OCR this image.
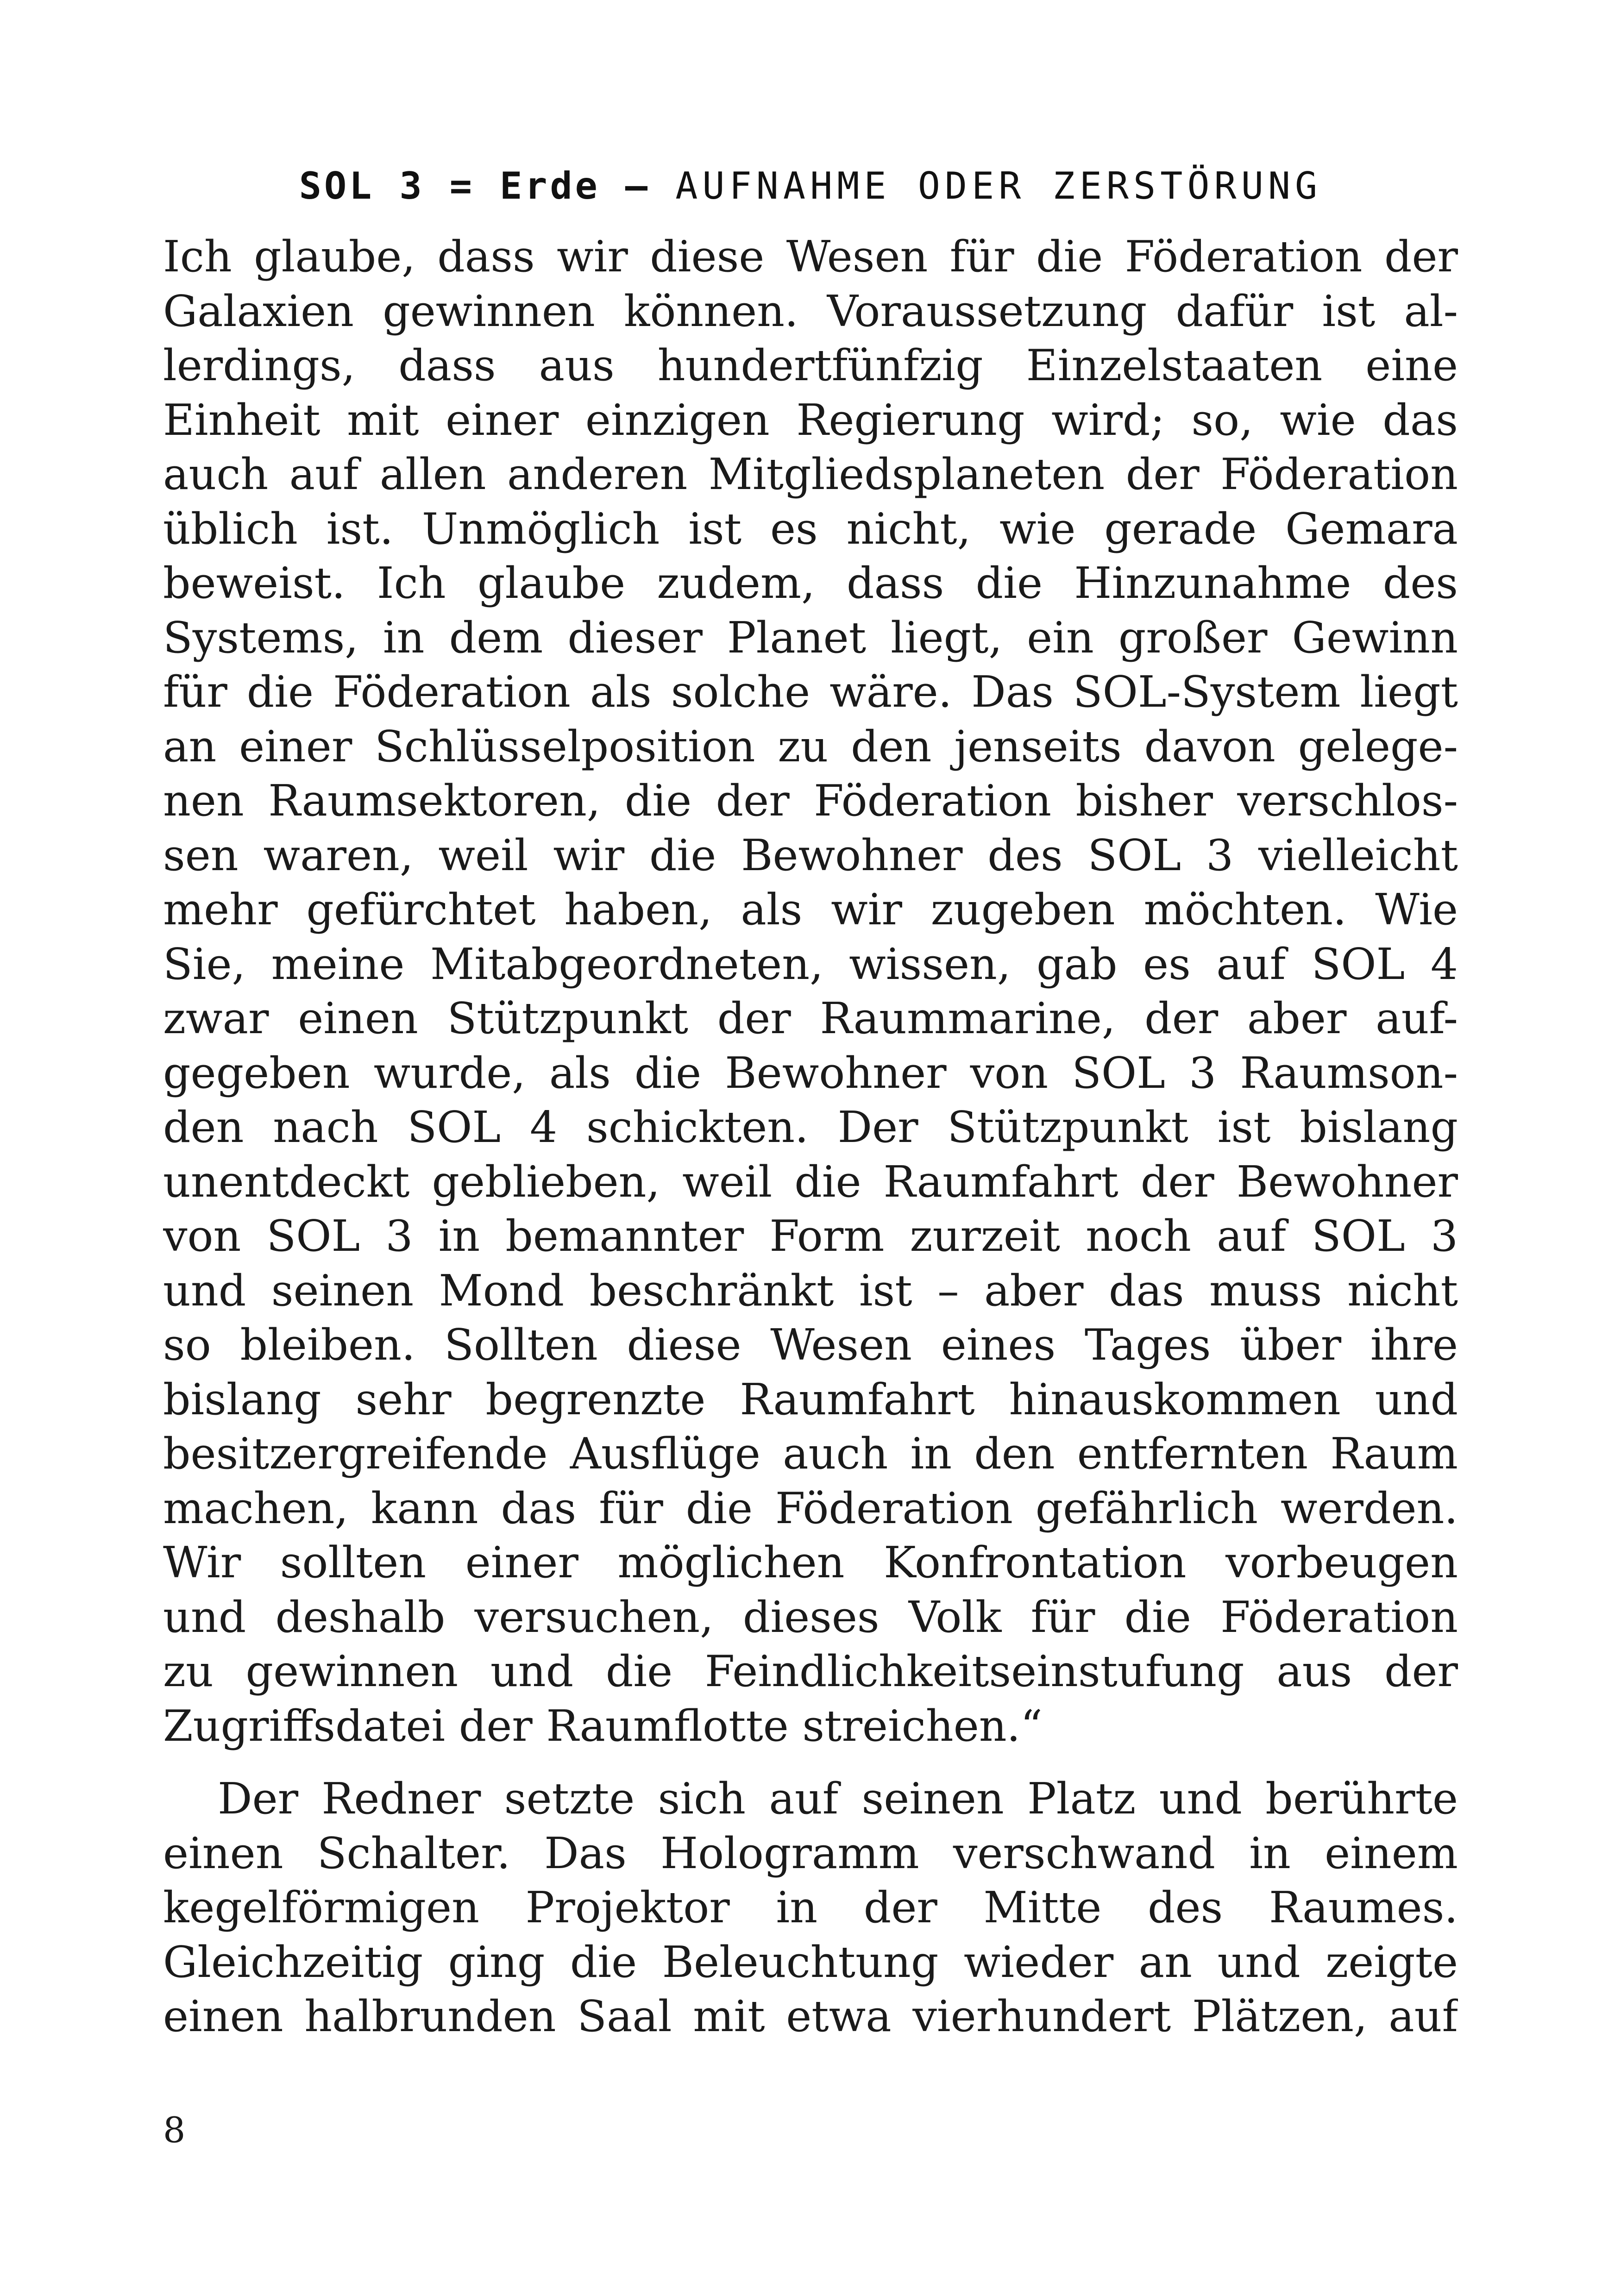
SOL 3 = Erde – AUFNAHME ODER ZERSTÖRUNG
Ich glaube, dass wir diese Wesen für die Föderation der
Galaxien gewinnen können. Voraussetzung dafür ist al-
lerdings, dass aus hundertfünfzig Einzelstaaten eine
Einheit mit einer einzigen Regierung wird; so, wie das
auch auf allen anderen Mitgliedsplaneten der Föderation
üblich ist. Unmöglich ist es nicht, wie gerade Gemara
beweist. Ich glaube zudem, dass die Hinzunahme des
Systems, in dem dieser Planet liegt, ein großer Gewinn
für die Föderation als solche wäre. Das SOL-System liegt
an einer Schlüsselposition zu den jenseits davon gelege-
nen Raumsektoren, die der Föderation bisher verschlos-
sen waren, weil wir die Bewohner des SOL 3 vielleicht
mehr gefürchtet haben, als wir zugeben möchten. Wie
Sie, meine Mitabgeordneten, wissen, gab es auf SOL 4
zwar einen Stützpunkt der Raummarine, der aber auf-
gegeben wurde, als die Bewohner von SOL 3 Raumson-
den nach SOL 4 schickten. Der Stützpunkt ist bislang
unentdeckt geblieben, weil die Raumfahrt der Bewohner
von SOL 3 in bemannter Form zurzeit noch auf SOL 3
und seinen Mond beschränkt ist – aber das muss nicht
so bleiben. Sollten diese Wesen eines Tages über ihre
bislang sehr begrenzte Raumfahrt hinauskommen und
besitzergreifende Ausflüge auch in den entfernten Raum
machen, kann das für die Föderation gefährlich werden.
Wir sollten einer möglichen Konfrontation vorbeugen
und deshalb versuchen, dieses Volk für die Föderation
zu gewinnen und die Feindlichkeitseinstufung aus der
Zugriffsdatei der Raumflotte streichen.“
Der Redner setzte sich auf seinen Platz und berührte
einen Schalter. Das Hologramm verschwand in einem
kegelförmigen Projektor in der Mitte des Raumes.
Gleichzeitig ging die Beleuchtung wieder an und zeigte
einen halbrunden Saal mit etwa vierhundert Plätzen, auf
8
